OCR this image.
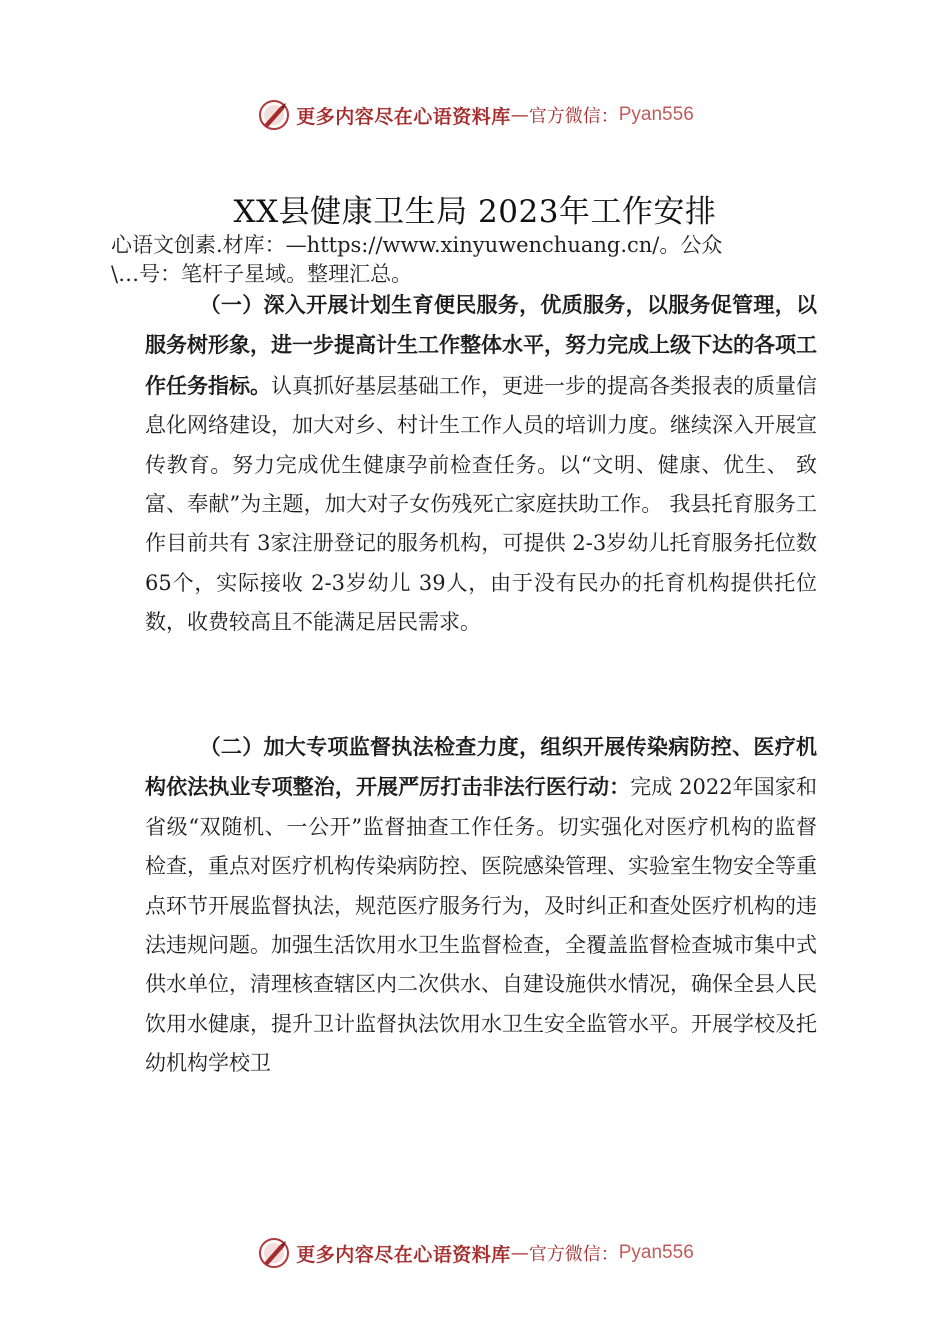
更多内容尽在心语资料库 — 官方微信： Pyan556
XX县健康卫生局 2023年工作安排
心语文创素.材库：—https://www.xinyuwenchuang.cn/。公众
\…号：笔杆子星域。整理汇总。

（一）深入开展计划生育便民服务，优质服务，以服务促管理，以服务树形象，进一步提高计生工作整体水平，努力完成上级下达的各项工作任务指标。认真抓好基层基础工作，更进一步的提高各类报表的质量信息化网络建设，加大对乡、村计生工作人员的培训力度。继续深入开展宣传教育。努力完成优生健康孕前检查任务。以“文明、健康、优生、 致富、奉献”为主题，加大对子女伤残死亡家庭扶助工作。 我县托育服务工作目前共有 3家注册登记的服务机构，可提供 2-3岁幼儿托育服务托位数 65个，实际接收 2-3岁幼儿 39人，由于没有民办的托育机构提供托位数，收费较高且不能满足居民需求。

（二）加大专项监督执法检查力度，组织开展传染病防控、医疗机构依法执业专项整治，开展严厉打击非法行医行动：完成 2022年国家和省级“双随机、一公开”监督抽查工作任务。切实强化对医疗机构的监督检查，重点对医疗机构传染病防控、医院感染管理、实验室生物安全等重点环节开展监督执法，规范医疗服务行为，及时纠正和查处医疗机构的违法违规问题。加强生活饮用水卫生监督检查，全覆盖监督检查城市集中式供水单位，清理核查辖区内二次供水、自建设施供水情况，确保全县人民饮用水健康，提升卫计监督执法饮用水卫生安全监管水平。开展学校及托幼机构学校卫

更多内容尽在心语资料库 — 官方微信： Pyan556
